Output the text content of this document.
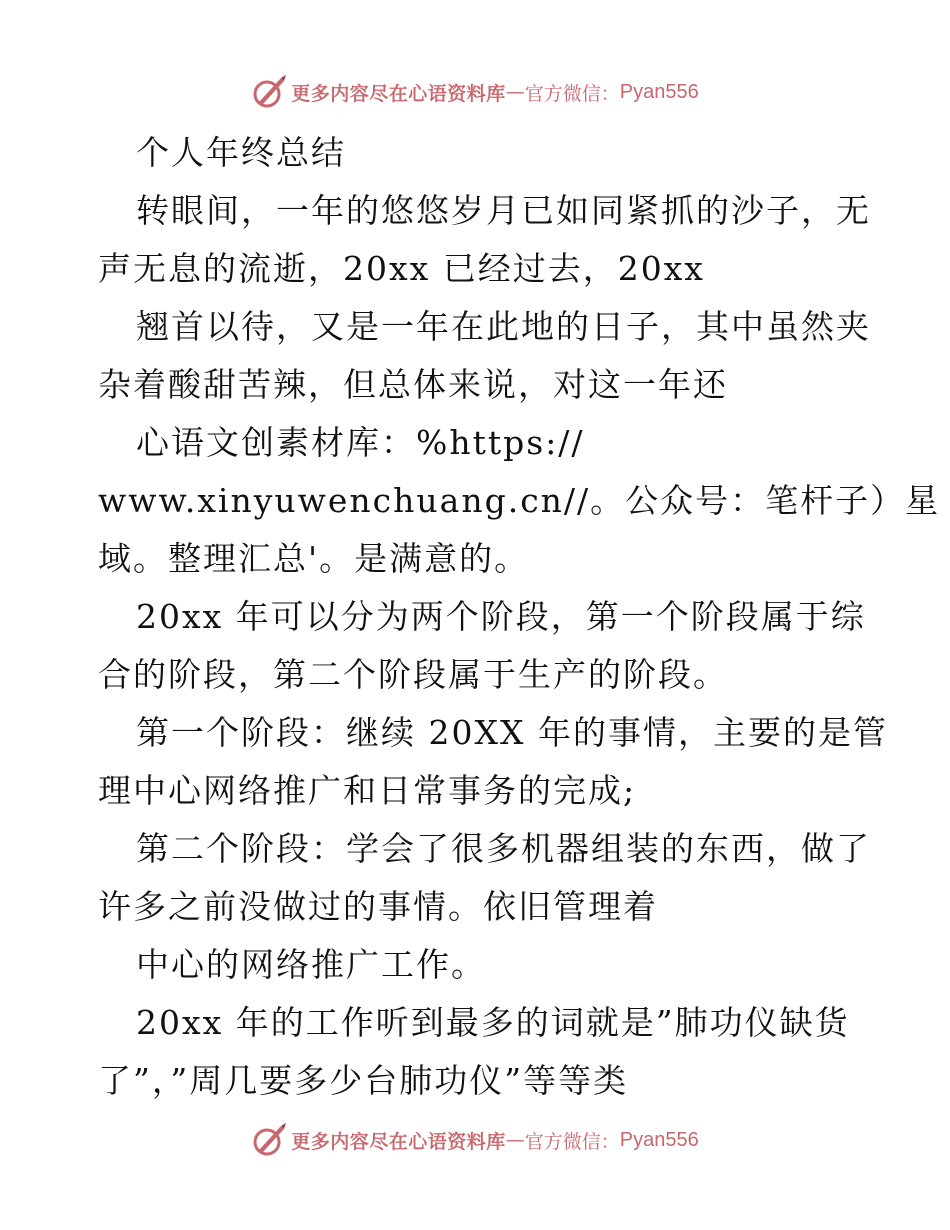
更多内容尽在心语资料库 — 官方微信： Pyan556

个人年终总结

转眼间，一年的悠悠岁月已如同紧抓的沙子，无

声无息的流逝，20xx 已经过去，20xx

翘首以待，又是一年在此地的日子，其中虽然夹

杂着酸甜苦辣，但总体来说，对这一年还

心语文创素材库：%https://

www.xinyuwenchuang.cn//。公众号：笔杆子）星

域。整理汇总'。是满意的。

20xx 年可以分为两个阶段，第一个阶段属于综

合的阶段，第二个阶段属于生产的阶段。

第一个阶段：继续 20XX 年的事情，主要的是管

理中心网络推广和日常事务的完成;

第二个阶段：学会了很多机器组装的东西，做了

许多之前没做过的事情。依旧管理着

中心的网络推广工作。

20xx 年的工作听到最多的词就是”肺功仪缺货

了”，”周几要多少台肺功仪”等等类

更多内容尽在心语资料库 — 官方微信： Pyan556
